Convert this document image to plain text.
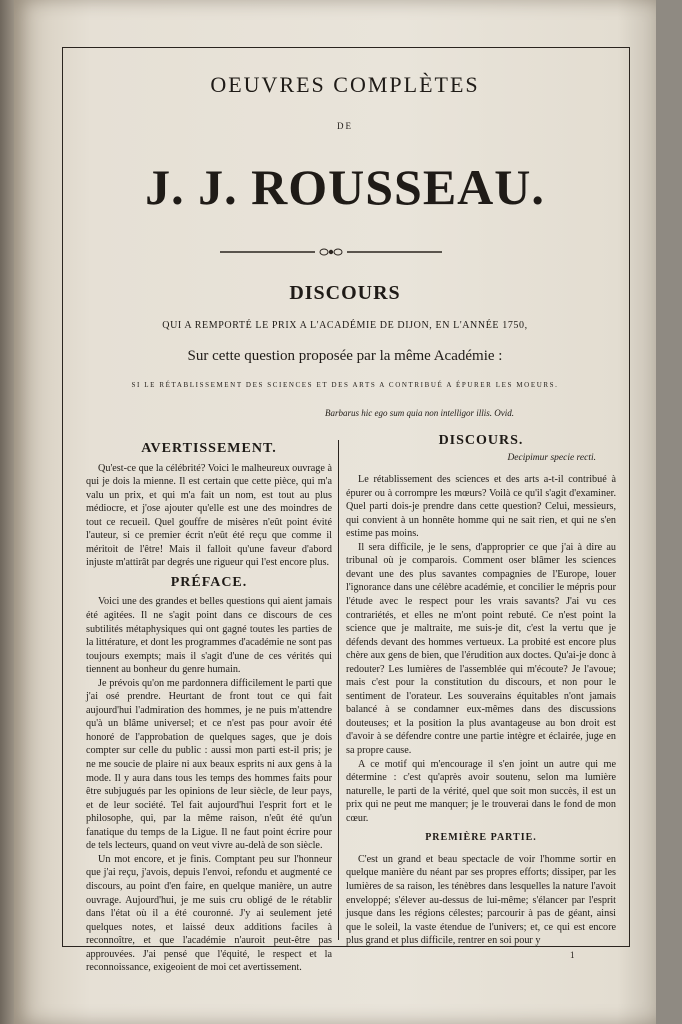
OEUVRES COMPLÈTES
DE
J. J. ROUSSEAU.
DISCOURS
QUI A REMPORTÉ LE PRIX A L'ACADÉMIE DE DIJON, EN L'ANNÉE 1750,
Sur cette question proposée par la même Académie :
SI LE RÉTABLISSEMENT DES SCIENCES ET DES ARTS A CONTRIBUÉ A ÉPURER LES MOEURS.
Barbarus hic ego sum quia non intelligor illis. Ovid.
AVERTISSEMENT.

Qu'est-ce que la célébrité? Voici le malheureux ouvrage à qui je dois la mienne. Il est certain que cette pièce, qui m'a valu un prix, et qui m'a fait un nom, est tout au plus médiocre, et j'ose ajouter qu'elle est une des moindres de tout ce recueil. Quel gouffre de misères n'eût point évité l'auteur, si ce premier écrit n'eût été reçu que comme il méritoit de l'être! Mais il falloit qu'une faveur d'abord injuste m'attirât par degrés une rigueur qui l'est encore plus.

PRÉFACE.

Voici une des grandes et belles questions qui aient jamais été agitées. Il ne s'agit point dans ce discours de ces subtilités métaphysiques qui ont gagné toutes les parties de la littérature, et dont les programmes d'académie ne sont pas toujours exempts; mais il s'agit d'une de ces vérités qui tiennent au bonheur du genre humain.

Je prévois qu'on me pardonnera difficilement le parti que j'ai osé prendre. Heurtant de front tout ce qui fait aujourd'hui l'admiration des hommes, je ne puis m'attendre qu'à un blâme universel; et ce n'est pas pour avoir été honoré de l'approbation de quelques sages, que je dois compter sur celle du public : aussi mon parti est-il pris; je ne me soucie de plaire ni aux beaux esprits ni aux gens à la mode. Il y aura dans tous les temps des hommes faits pour être subjugués par les opinions de leur siècle, de leur pays, et de leur société. Tel fait aujourd'hui l'esprit fort et le philosophe, qui, par la même raison, n'eût été qu'un fanatique du temps de la Ligue. Il ne faut point écrire pour de tels lecteurs, quand on veut vivre au-delà de son siècle.

Un mot encore, et je finis. Comptant peu sur l'honneur que j'ai reçu, j'avois, depuis l'envoi, refondu et augmenté ce discours, au point d'en faire, en quelque manière, un autre ouvrage. Aujourd'hui, je me suis cru obligé de le rétablir dans l'état où il a été couronné. J'y ai seulement jeté quelques notes, et laissé deux additions faciles à reconnoître, et que l'académie n'auroit peut-être pas approuvées. J'ai pensé que l'équité, le respect et la reconnoissance, exigeoient de moi cet avertissement.

DISCOURS.

Decipimur specie recti.

Le rétablissement des sciences et des arts a-t-il contribué à épurer ou à corrompre les mœurs? Voilà ce qu'il s'agit d'examiner. Quel parti dois-je prendre dans cette question? Celui, messieurs, qui convient à un honnête homme qui ne sait rien, et qui ne s'en estime pas moins.

Il sera difficile, je le sens, d'approprier ce que j'ai à dire au tribunal où je comparois. Comment oser blâmer les sciences devant une des plus savantes compagnies de l'Europe, louer l'ignorance dans une célèbre académie, et concilier le mépris pour l'étude avec le respect pour les vrais savants? J'ai vu ces contrariétés, et elles ne m'ont point rebuté. Ce n'est point la science que je maltraite, me suis-je dit, c'est la vertu que je défends devant des hommes vertueux. La probité est encore plus chère aux gens de bien, que l'érudition aux doctes. Qu'ai-je donc à redouter? Les lumières de l'assemblée qui m'écoute? Je l'avoue; mais c'est pour la constitution du discours, et non pour le sentiment de l'orateur. Les souverains équitables n'ont jamais balancé à se condamner eux-mêmes dans des discussions douteuses; et la position la plus avantageuse au bon droit est d'avoir à se défendre contre une partie intègre et éclairée, juge en sa propre cause.

A ce motif qui m'encourage il s'en joint un autre qui me détermine : c'est qu'après avoir soutenu, selon ma lumière naturelle, le parti de la vérité, quel que soit mon succès, il est un prix qui ne peut me manquer; je le trouverai dans le fond de mon cœur.

PREMIÈRE PARTIE.

C'est un grand et beau spectacle de voir l'homme sortir en quelque manière du néant par ses propres efforts; dissiper, par les lumières de sa raison, les ténèbres dans lesquelles la nature l'avoit enveloppé; s'élever au-dessus de lui-même; s'élancer par l'esprit jusque dans les régions célestes; parcourir à pas de géant, ainsi que le soleil, la vaste étendue de l'univers; et, ce qui est encore plus grand et plus difficile, rentrer en soi pour y

1
